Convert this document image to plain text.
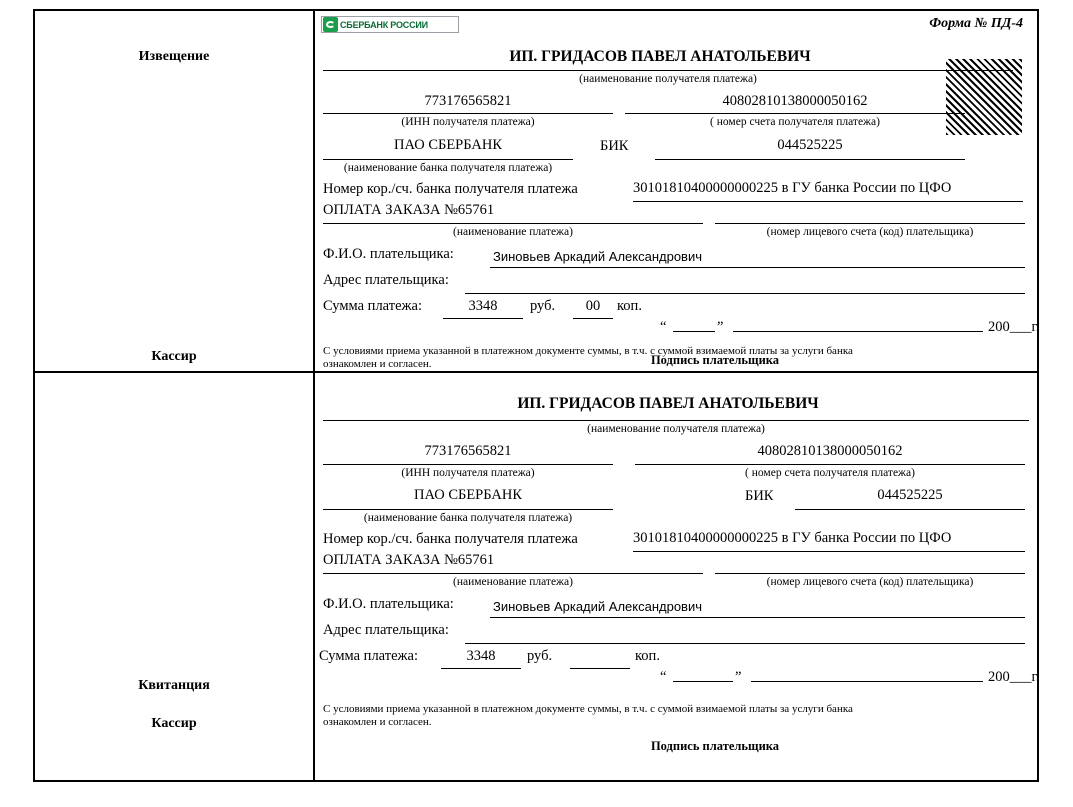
Извещение
Кассир
СБЕРБАНК РОССИИ	Форма № ПД-4
ИП. ГРИДАСОВ ПАВЕЛ АНАТОЛЬЕВИЧ
(наименование получателя платежа)
773176565821
(ИНН получателя платежа)
40802810138000050162
( номер счета получателя платежа)
ПАО СБЕРБАНК
(наименование банка получателя платежа)
БИК	044525225
Номер кор./сч. банка получателя платежа	30101810400000000225 в ГУ банка России по ЦФО
ОПЛАТА ЗАКАЗА №65761
(наименование платежа)	(номер лицевого счета (код) плательщика)
Ф.И.О. плательщика:	Зиновьев Аркадий Александрович
Адрес плательщика:
Сумма платежа:	3348	руб.	00	коп.
“	”	200___г.
С условиями приема указанной в платежном документе суммы, в т.ч. с суммой взимаемой платы за услуги банка
ознакомлен и согласен.	Подпись плательщика
Квитанция
Кассир
ИП. ГРИДАСОВ ПАВЕЛ АНАТОЛЬЕВИЧ
(наименование получателя платежа)
773176565821
(ИНН получателя платежа)
40802810138000050162
( номер счета получателя платежа)
ПАО СБЕРБАНК
(наименование банка получателя платежа)
БИК	044525225
Номер кор./сч. банка получателя платежа	30101810400000000225 в ГУ банка России по ЦФО
ОПЛАТА ЗАКАЗА №65761
(наименование платежа)	(номер лицевого счета (код) плательщика)
Ф.И.О. плательщика:	Зиновьев Аркадий Александрович
Адрес плательщика:
Сумма платежа:	3348	руб.	коп.
“	”	200___г.
С условиями приема указанной в платежном документе суммы, в т.ч. с суммой взимаемой платы за услуги банка
ознакомлен и согласен.
Подпись плательщика
